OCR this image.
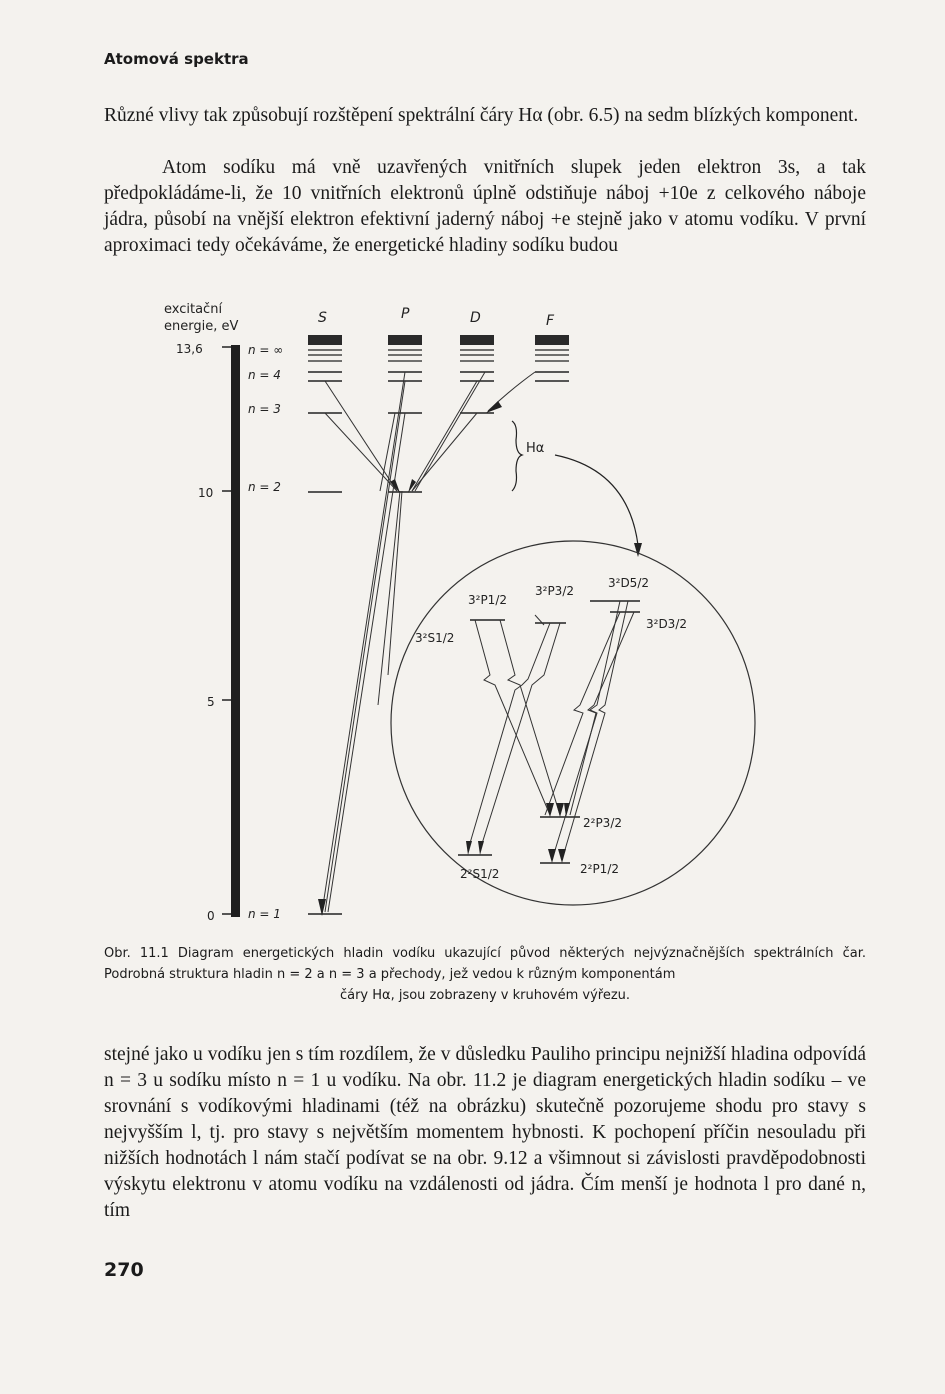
Atomová spektra

Různé vlivy tak způsobují rozštěpení spektrální čáry Hα (obr. 6.5) na sedm blízkých komponent.

Atom sodíku má vně uzavřených vnitřních slupek jeden elektron 3s, a tak předpokládáme-li, že 10 vnitřních elektronů úplně odstiňuje náboj +10e z celkového náboje jádra, působí na vnější elektron efektivní jaderný náboj +e stejně jako v atomu vodíku. V první aproximaci tedy očekáváme, že energetické hladiny sodíku budou

excitační
energie, eV
13,6
10
5
0
n = ∞
n = 4
n = 3
n = 2
n = 1
S	P	D	F
Hα
3²S1/2
3²P1/2
3²P3/2
3²D5/2
3²D3/2
2²P3/2
2²S1/2	2²P1/2

Obr. 11.1 Diagram energetických hladin vodíku ukazující původ některých nejvýznačnějších spektrálních čar. Podrobná struktura hladin n = 2 a n = 3 a přechody, jež vedou k různým komponentám
čáry Hα, jsou zobrazeny v kruhovém výřezu.

stejné jako u vodíku jen s tím rozdílem, že v důsledku Pauliho principu nejnižší hladina odpovídá n = 3 u sodíku místo n = 1 u vodíku. Na obr. 11.2 je diagram energetických hladin sodíku – ve srovnání s vodíkovými hladinami (též na obrázku) skutečně pozorujeme shodu pro stavy s nejvyšším l, tj. pro stavy s největším momentem hybnosti. K pochopení příčin nesouladu při nižších hodnotách l nám stačí podívat se na obr. 9.12 a všimnout si závislosti pravděpodobnosti výskytu elektronu v atomu vodíku na vzdálenosti od jádra. Čím menší je hodnota l pro dané n, tím

270
